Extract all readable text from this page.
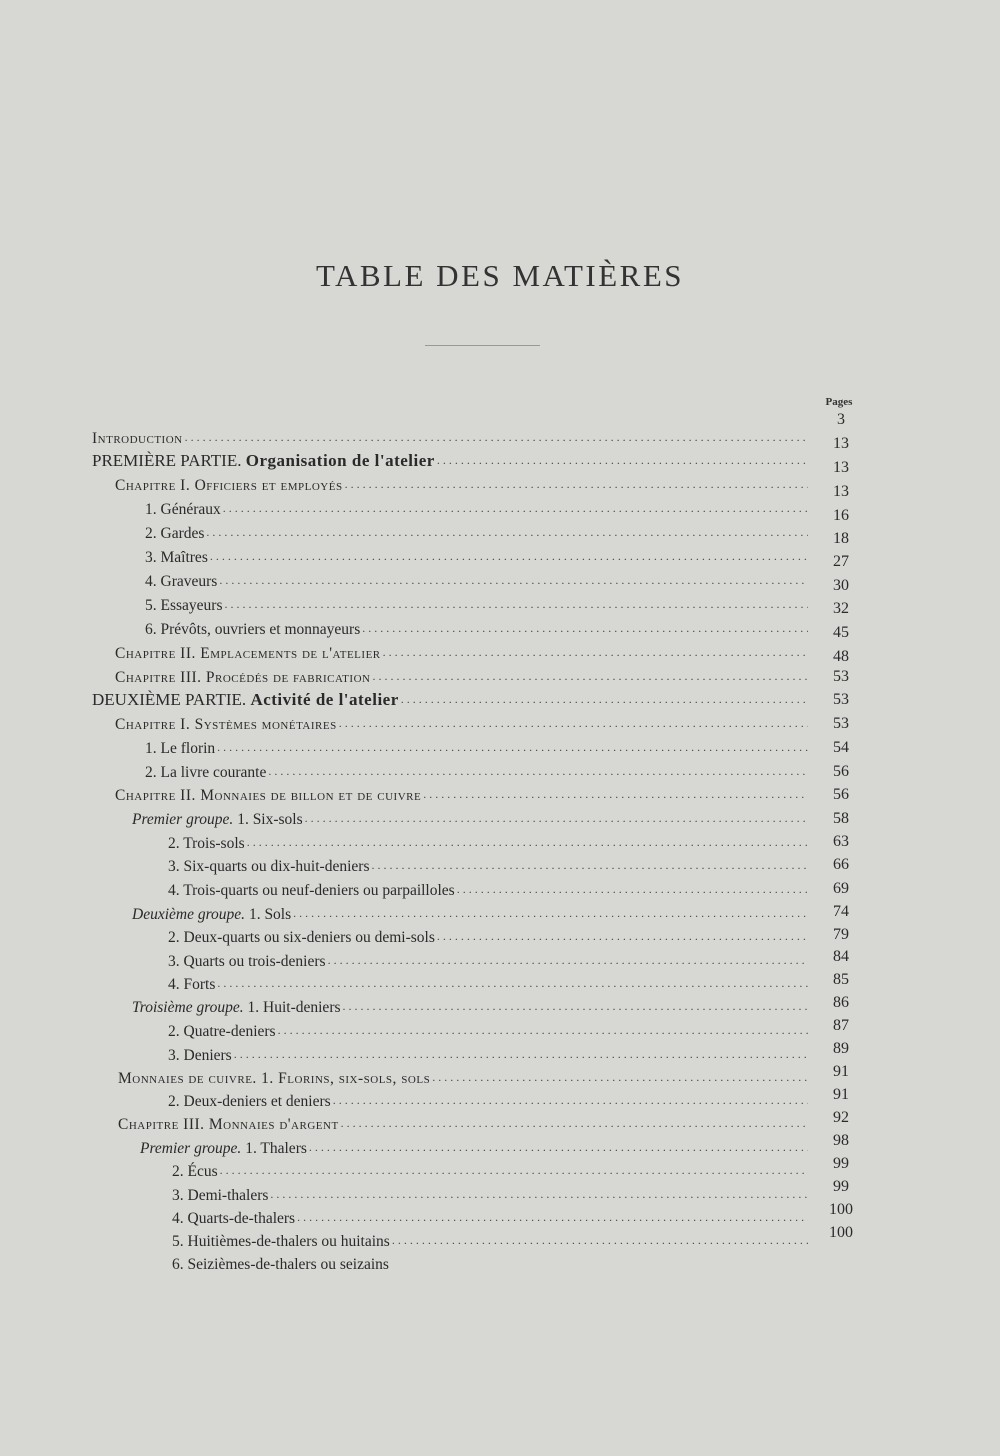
TABLE DES MATIÈRES
Pages
Introduction
. . .
PREMIÈRE PARTIE. Organisation de l'atelier
. . .
Chapitre I. Officiers et employés
. . .
1. Généraux
. . .
2. Gardes
. . .
3. Maîtres
. . .
4. Graveurs
. . .
5. Essayeurs
. . .
6. Prévôts, ouvriers et monnayeurs
. . .
Chapitre II. Emplacements de l'atelier
. . .
Chapitre III. Procédés de fabrication
. . .
DEUXIÈME PARTIE. Activité de l'atelier
. . .
Chapitre I. Systèmes monétaires
. . .
1. Le florin
. . .
2. La livre courante
. . .
Chapitre II. Monnaies de billon et de cuivre
. . .
Premier groupe. 1. Six-sols
. . .
2. Trois-sols
. . .
3. Six-quarts ou dix-huit-deniers
. . .
4. Trois-quarts ou neuf-deniers ou parpailloles
. . .
Deuxième groupe. 1. Sols
. . .
2. Deux-quarts ou six-deniers ou demi-sols
. . .
3. Quarts ou trois-deniers
. . .
4. Forts
. . .
Troisième groupe. 1. Huit-deniers
. . .
2. Quatre-deniers
. . .
3. Deniers
. . .
Monnaies de cuivre. 1. Florins, six-sols, sols
. . .
2. Deux-deniers et deniers
. . .
Chapitre III. Monnaies d'argent
. . .
Premier groupe. 1. Thalers
. . .
2. Écus
. . .
3. Demi-thalers
. . .
4. Quarts-de-thalers
. . .
5. Huitièmes-de-thalers ou huitains
. . .
6. Seizièmes-de-thalers ou seizains
3
13
13
13
16
18
27
30
32
45
48
53
53
53
54
56
56
58
63
66
69
74
79
84
85
86
87
89
91
91
92
98
99
99
100
100
